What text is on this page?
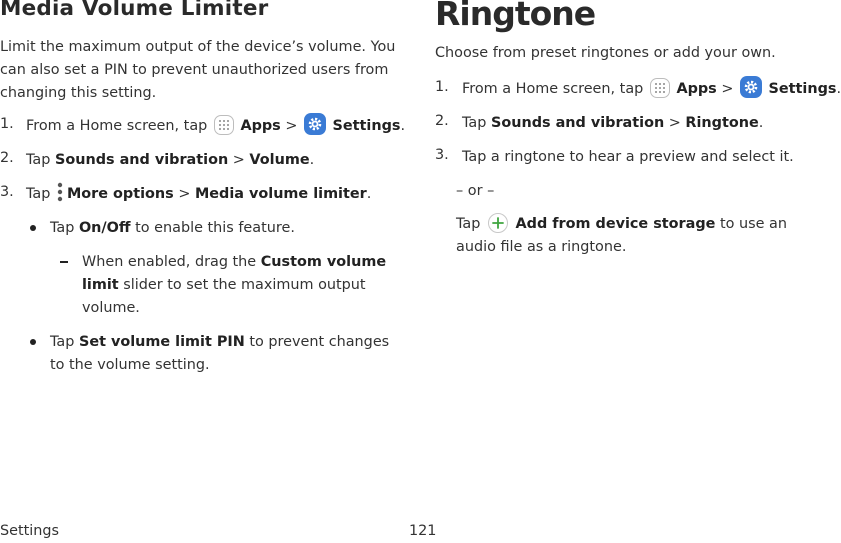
Media Volume Limiter
Limit the maximum output of the device’s volume. You can also set a PIN to prevent unauthorized users from changing this setting.
1. From a Home screen, tap Apps > Settings.
2. Tap Sounds and vibration > Volume.
3. Tap More options > Media volume limiter.
Tap On/Off to enable this feature.
When enabled, drag the Custom volume limit slider to set the maximum output volume.
Tap Set volume limit PIN to prevent changes to the volume setting.
Ringtone
Choose from preset ringtones or add your own.
1. From a Home screen, tap Apps > Settings.
2. Tap Sounds and vibration > Ringtone.
3. Tap a ringtone to hear a preview and select it.
– or –
Tap Add from device storage to use an audio file as a ringtone.
Settings	121
